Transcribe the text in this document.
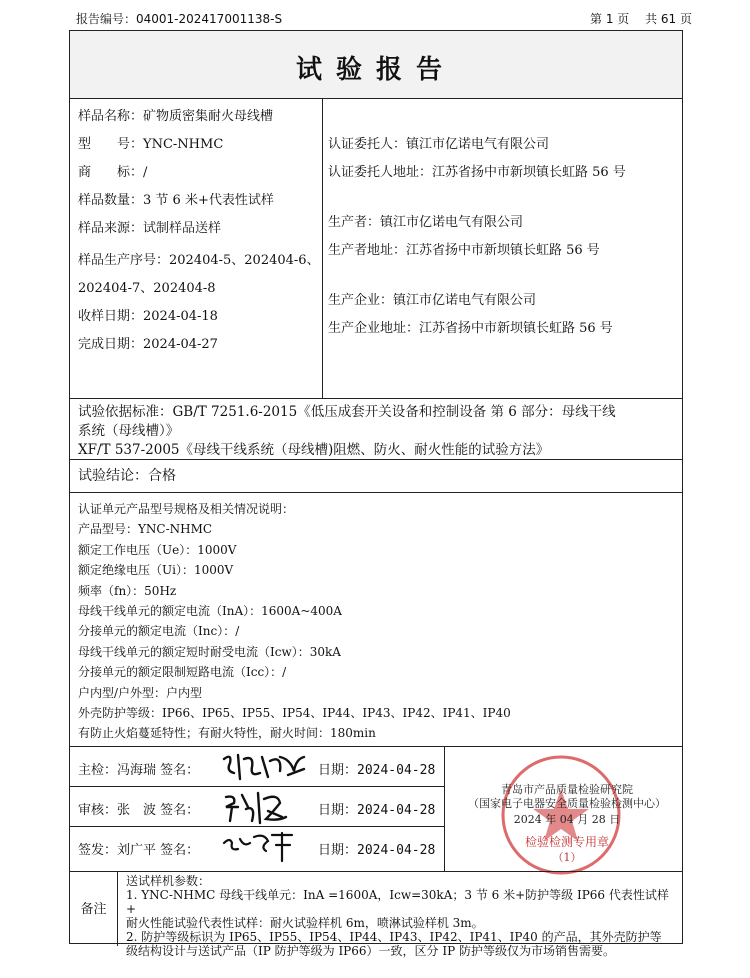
报告编号：04001-202417001138-S	第 1 页　 共 61 页
试验报告
样品名称：矿物质密集耐火母线槽
型　　号：YNC-NHMC
商　　标：/
样品数量：3 节 6 米+代表性试样
样品来源：试制样品送样
样品生产序号：202404-5、202404-6、
202404-7、202404-8
收样日期：2024-04-18
完成日期：2024-04-27
认证委托人：镇江市亿诺电气有限公司
认证委托人地址：江苏省扬中市新坝镇长虹路 56 号
生产者：镇江市亿诺电气有限公司
生产者地址：江苏省扬中市新坝镇长虹路 56 号
生产企业：镇江市亿诺电气有限公司
生产企业地址：江苏省扬中市新坝镇长虹路 56 号
试验依据标准：GB/T 7251.6-2015《低压成套开关设备和控制设备 第 6 部分：母线干线
系统（母线槽）》
XF/T 537-2005《母线干线系统（母线槽)阻燃、防火、耐火性能的试验方法》
试验结论：合格
认证单元产品型号规格及相关情况说明：
产品型号：YNC-NHMC
额定工作电压（Ue）：1000V
额定绝缘电压（Ui）：1000V
频率（fn）：50Hz
母线干线单元的额定电流（InA）：1600A~400A
分接单元的额定电流（Inc）：/
母线干线单元的额定短时耐受电流（Icw）：30kA
分接单元的额定限制短路电流（Icc）：/
户内型/户外型：户内型
外壳防护等级：IP66、IP65、IP55、IP54、IP44、IP43、IP42、IP41、IP40
有防止火焰蔓延特性；有耐火特性，耐火时间：180min
主检：冯海瑞 签名：	日期：2024-04-28
审核：张　波 签名：	日期：2024-04-28
签发：刘广平 签名：	日期：2024-04-28
青岛市产品质量检验研究院
（国家电子电器安全质量检验检测中心）
2024 年 04 月 28 日
检验检测专用章
（1）
备注
送试样机参数：
1. YNC-NHMC 母线干线单元：InA =1600A，Icw=30kA；3 节 6 米+防护等级 IP66 代表性试样+
耐火性能试验代表性试样：耐火试验样机 6m，喷淋试验样机 3m。
2. 防护等级标识为 IP65、IP55、IP54、IP44、IP43、IP42、IP41、IP40 的产品，其外壳防护等
级结构设计与送试产品（IP 防护等级为 IP66）一致，区分 IP 防护等级仅为市场销售需要。
